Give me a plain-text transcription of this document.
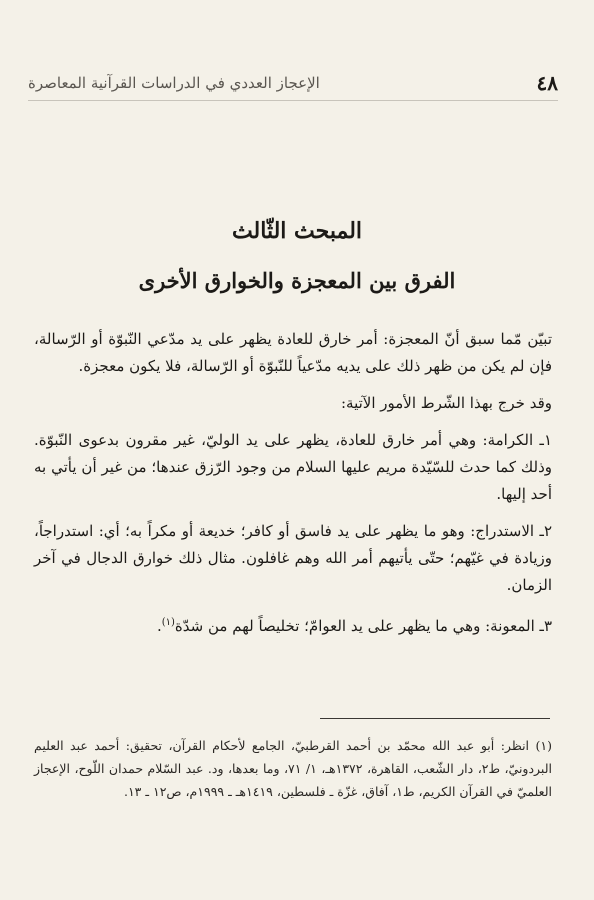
٤٨
الإعجاز العددي في الدراسات القرآنية المعاصرة
المبحث الثّالث
الفرق بين المعجزة والخوارق الأخرى

تبيّن مّما سبق أنّ المعجزة: أمر خارق للعادة يظهر على يد مدّعي النّبوّة أو الرّسالة، فإن لم يكن من ظهر ذلك على يديه مدّعياً للنّبوّة أو الرّسالة، فلا يكون معجزة.

وقد خرج بهذا الشّرط الأمور الآتية:

١ـ الكرامة: وهي أمر خارق للعادة، يظهر على يد الوليّ، غير مقرون بدعوى النّبوّة. وذلك كما حدث للسّيّدة مريم عليها السلام من وجود الرّزق عندها؛ من غير أن يأتي به أحد إليها.

٢ـ الاستدراج: وهو ما يظهر على يد فاسق أو كافر؛ خديعة أو مكراً به؛ أي: استدراجاً، وزيادة في غيّهم؛ حتّى يأتيهم أمر الله وهم غافلون. مثال ذلك خوارق الدجال في آخر الزمان.

٣ـ المعونة: وهي ما يظهر على يد العوامّ؛ تخليصاً لهم من شدّة$^{(١)}$.

(١) انظر: أبو عبد الله محمّد بن أحمد القرطبيّ، الجامع لأحكام القرآن، تحقيق: أحمد عبد العليم البردونيّ، ط٢، دار الشّعب، القاهرة، ١٣٧٢هـ، ١/ ٧١، وما بعدها، ود. عبد السّلام حمدان اللّوح، الإعجاز العلميّ في القرآن الكريم، ط١، آفاق، غزّة ـ فلسطين، ١٤١٩هـ ـ ١٩٩٩م، ص١٢ ـ ١٣.
